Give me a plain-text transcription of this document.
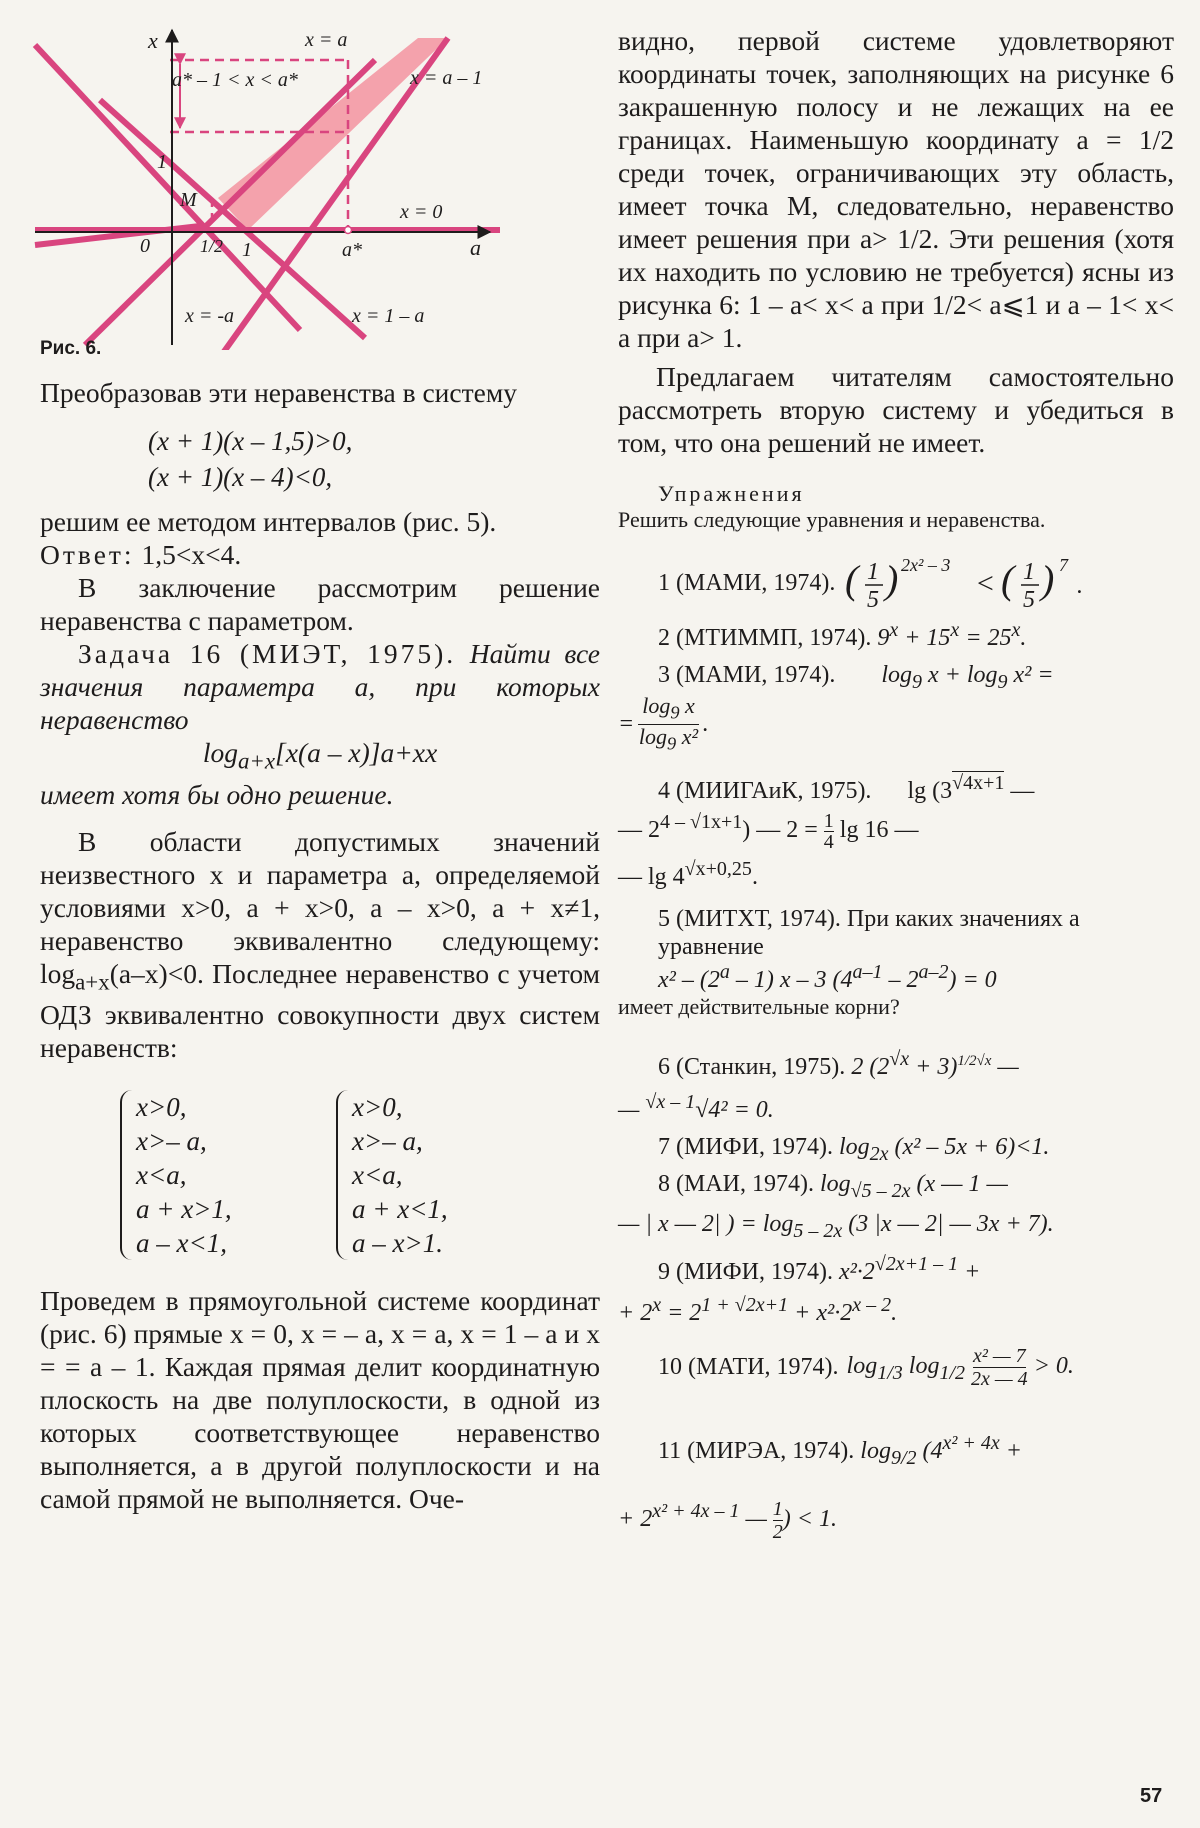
x
a
0	1
1
1/2
M
a*
x = a
x = a – 1
x = 0
x = -a	x = 1 – a
a* – 1 < x < a*
Рис. 6.

Преобразовав эти неравенства в систему

(x + 1)(x – 1,5)>0,
(x + 1)(x – 4)<0,

решим ее методом интервалов (рис. 5).

Ответ: 1,5<x<4.

В заключение рассмотрим решение неравенства с параметром.

Задача 16 (МИЭТ, 1975). Найти все значения параметра a, при которых неравенство

$\log_{a+x}[x(a - x)]a+xx$

имеет хотя бы одно решение.

В области допустимых значений неизвестного x и параметра a, определяемой условиями x>0, a + x>0, a – x>0, a + x≠1, неравенство эквивалентно следующему: $\log_{a+x}(a-x)<0$. Последнее неравенство с учетом ОДЗ эквивалентно совокупности двух систем неравенств:

x>0,
x>– a,
x<a,
a + x>1,
a – x<1,
x>0,
x>– a,
x<a,
a + x<1,
a – x>1.

Проведем в прямоугольной системе координат (рис. 6) прямые x = 0, x = – a, x = a, x = 1 – a и x = = a – 1. Каждая прямая делит координатную плоскость на две полуплоскости, в одной из которых соответствующее неравенство выполняется, а в другой полуплоскости и на самой прямой не выполняется. Оче-

видно, первой системе удовлетворяют координаты точек, заполняющих на рисунке 6 закрашенную полосу и не лежащих на ее границах. Наименьшую координату a = 1/2 среди точек, ограничивающих эту область, имеет точка M, следовательно, неравенство имеет решения при a> 1/2. Эти решения (хотя их находить по условию не требуется) ясны из рисунка 6: 1 – a< x< a при 1/2< a⩽1 и a – 1< x< a при a> 1.

Предлагаем читателям самостоятельно рассмотреть вторую систему и убедиться в том, что она решений не имеет.

Упражнения

Решить следующие уравнения и неравенства.

1 (МАМИ, 1974). ( 1
5 ) 2x² – 3
< ( 1
5 ) 7
.
2 (МТИММП, 1974). $9^x + 15^x = 25^x$.
3 (МАМИ, 1974). $\log_9 x + \log_9 x^2$ =
= $\frac{\log_9 x}{\log_9 x^2}$ .
4 (МИИГАиК, 1975). $\lg (3^{√4x+1}$ —
— $2^{4 - √1x+1}$) — $2 = \frac{1}{4}$ lg 16 —
— $\lg 4^{√x+0,25}$.
5 (МИТХТ, 1974). При каких значениях a уравнение
x² – (2$^a$ – 1) x – 3 $(4^{a-1} - 2^{a-2}) = 0$
имеет действительные корни?
6 (Станкин, 1975). 2 $(2^{√x} + 3)^{1/2√x}$ —
— $^{√x - 1}$√4² = 0.
7 (МИФИ, 1974). $\log_{2x} (x^2 - 5x + 6)<1$.
8 (МАИ, 1974). $\log_{√5 - 2x} (x$ — 1 —
— | x — 2| ) = $\log_{5 - 2x} (3$ |x — 2| — 3x + 7).
9 (МИФИ, 1974). $x^2\cdot 2^{√2x+1 - 1}$ +
+ $2^x = 2^{1 + √2x+1} + x^2\cdot 2^{x - 2}$.
10 (МАТИ, 1974). $\log_{1/3} \log_{1/2} \frac{\text{x² — 7}}{2x — 4} > 0$.
11 (МИРЭА, 1974). $\log_{9/2} (4^{x^2 + 4x}$ +
+ $2^{x^2 + 4x - 1}$ — $\frac{1}{2}$ ) < 1.
57
